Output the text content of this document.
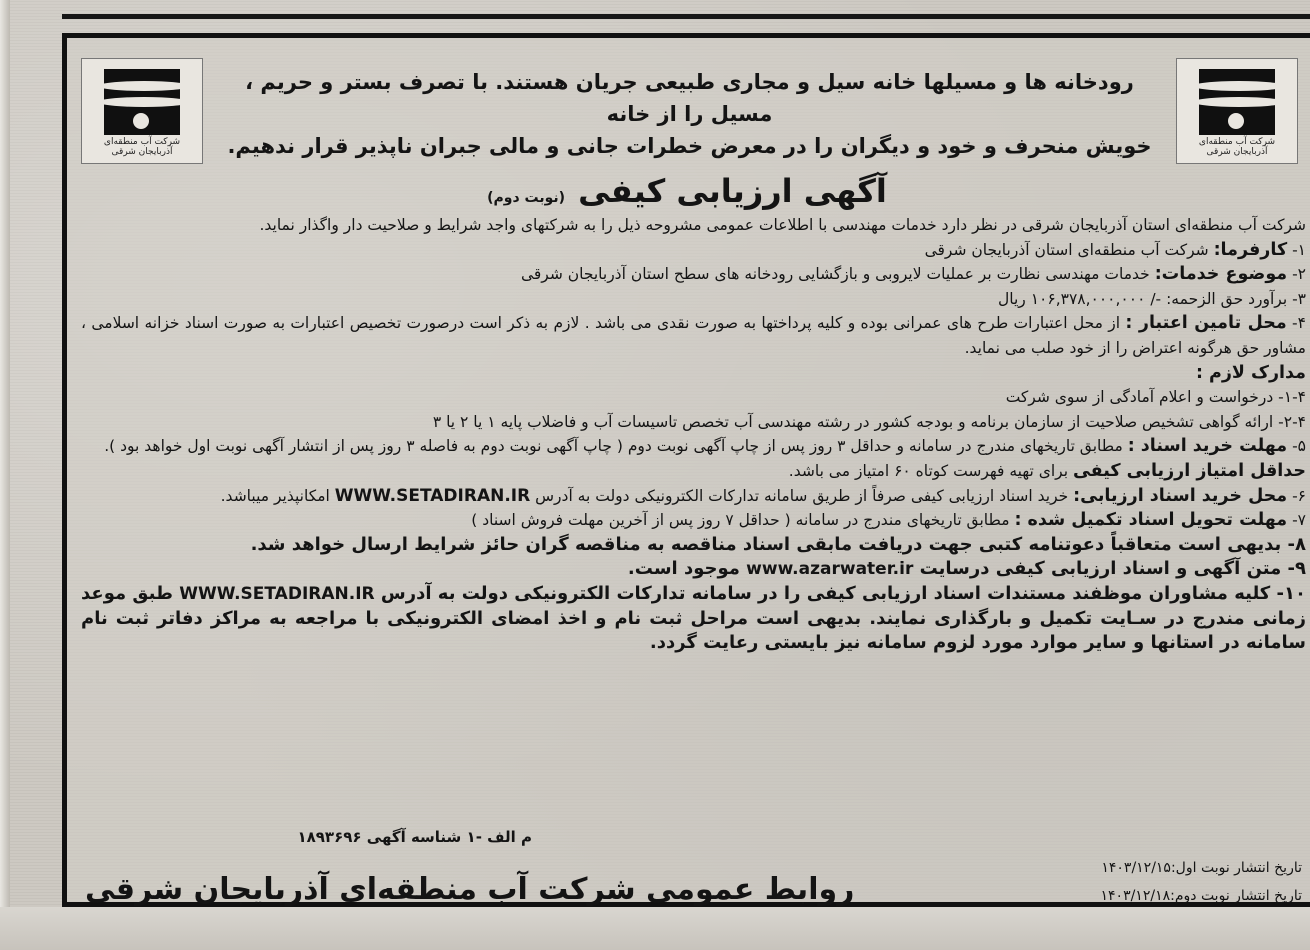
شرکت آب منطقه‌ای آذربایجان شرقی
شرکت آب منطقه‌ای آذربایجان شرقی
رودخانه ها و مسیلها خانه سیل و مجاری طبیعی جریان هستند. با تصرف بستر و حریم ، مسیل را از خانه
خویش منحرف و خود و دیگران را در معرض خطرات جانی و مالی جبران ناپذیر قرار ندهیم.
آگهی ارزیابی کیفی (نوبت دوم)

شرکت آب منطقه‌ای استان آذربایجان شرقی در نظر دارد خدمات مهندسی با اطلاعات عمومی مشروحه ذیل را به شرکتهای واجد شرایط و صلاحیت دار واگذار نماید.

۱- کارفرما: شرکت آب منطقه‌ای استان آذربایجان شرقی

۲- موضوع خدمات: خدمات مهندسی نظارت بر عملیات لایروبی و بازگشایی رودخانه های سطح استان آذربایجان شرقی

۳- برآورد حق الزحمه: -/ ۱۰۶,۳۷۸,۰۰۰,۰۰۰ ریال

۴- محل تامین اعتبار : از محل اعتبارات طرح های عمرانی بوده و کلیه پرداختها به صورت نقدی می باشد . لازم به ذکر است درصورت تخصیص اعتبارات به صورت اسناد خزانه اسلامی ، مشاور حق هرگونه اعتراض را از خود صلب می نماید.

مدارک لازم :

۱-۴- درخواست و اعلام آمادگی از سوی شرکت

۲-۴- ارائه گواهی تشخیص صلاحیت از سازمان برنامه و بودجه کشور در رشته مهندسی آب تخصص تاسیسات آب و فاضلاب پایه ۱ یا ۲ یا ۳

۵- مهلت خرید اسناد : مطابق تاریخهای مندرج در سامانه و حداقل ۳ روز پس از چاپ آگهی نوبت دوم ( چاپ آگهی نوبت دوم به فاصله ۳ روز پس از انتشار آگهی نوبت اول خواهد بود ).

حداقل امتیاز ارزیابی کیفی برای تهیه فهرست کوتاه ۶۰ امتیاز می باشد.

۶- محل خرید اسناد ارزیابی: خرید اسناد ارزیابی کیفی صرفاً از طریق سامانه تدارکات الکترونیکی دولت به آدرس WWW.SETADIRAN.IR امکانپذیر میباشد.

۷- مهلت تحویل اسناد تکمیل شده : مطابق تاریخهای مندرج در سامانه ( حداقل ۷ روز پس از آخرین مهلت فروش اسناد )

۸- بدیهی است متعاقباً دعوتنامه کتبی جهت دریافت مابقی اسناد مناقصه به مناقصه گران حائز شرایط ارسال خواهد شد.

۹- متن آگهی و اسناد ارزیابی کیفی درسایت www.azarwater.ir موجود است.

۱۰- کلیه مشاوران موظفند مستندات اسناد ارزیابی کیفی را در سامانه تدارکات الکترونیکی دولت به آدرس WWW.SETADIRAN.IR طبق موعد زمانی مندرج در سـایت تکمیل و بارگذاری نمایند. بدیهی است مراحل ثبت نام و اخذ امضای الکترونیکی با مراجعه به مراکز دفاتر ثبت نام سامانه در استانها و سایر موارد مورد لزوم سامانه نیز بایستی رعایت گردد.

م الف -۱ شناسه آگهی ۱۸۹۳۶۹۶
تاریخ انتشار نوبت اول:۱۴۰۳/۱۲/۱۵
تاریخ انتشار نوبت دوم:۱۴۰۳/۱۲/۱۸
روابط عمومی شرکت آب منطقه‌ای آذربایجان شرقی
